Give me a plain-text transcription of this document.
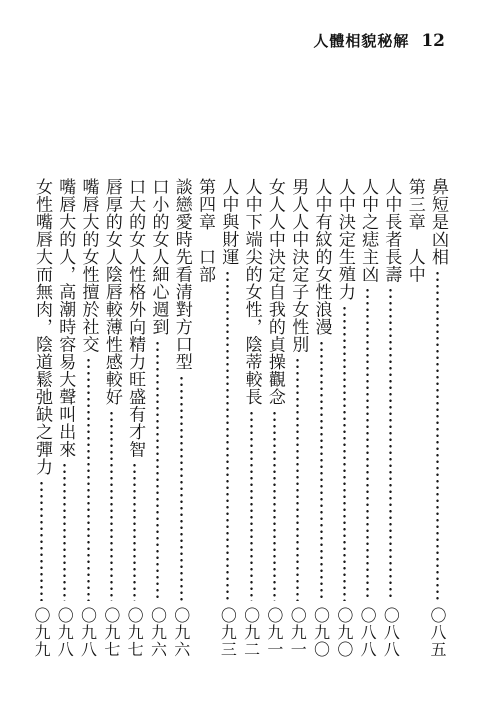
人體相貌秘解 12
鼻短是凶相
〇八五
第三章　人中
人中長者長壽
〇八八
人中之痣主凶
〇八八
人中決定生殖力
〇九〇
人中有紋的女性浪漫
〇九〇
男人人中決定子女性別
〇九一
女人人中決定自我的貞操觀念
〇九一
人中下端尖的女性，陰蒂較長
〇九二
人中與財運
〇九三
第四章　口部
談戀愛時先看清對方口型
〇九六
口小的女人細心週到
〇九六
口大的女人性格外向精力旺盛有才智
〇九七
唇厚的女人陰唇較薄性感較好
〇九七
嘴唇大的女性擅於社交
〇九八
嘴唇大的人，高潮時容易大聲叫出來
〇九八
女性嘴唇大而無肉，陰道鬆弛缺之彈力
〇九九
